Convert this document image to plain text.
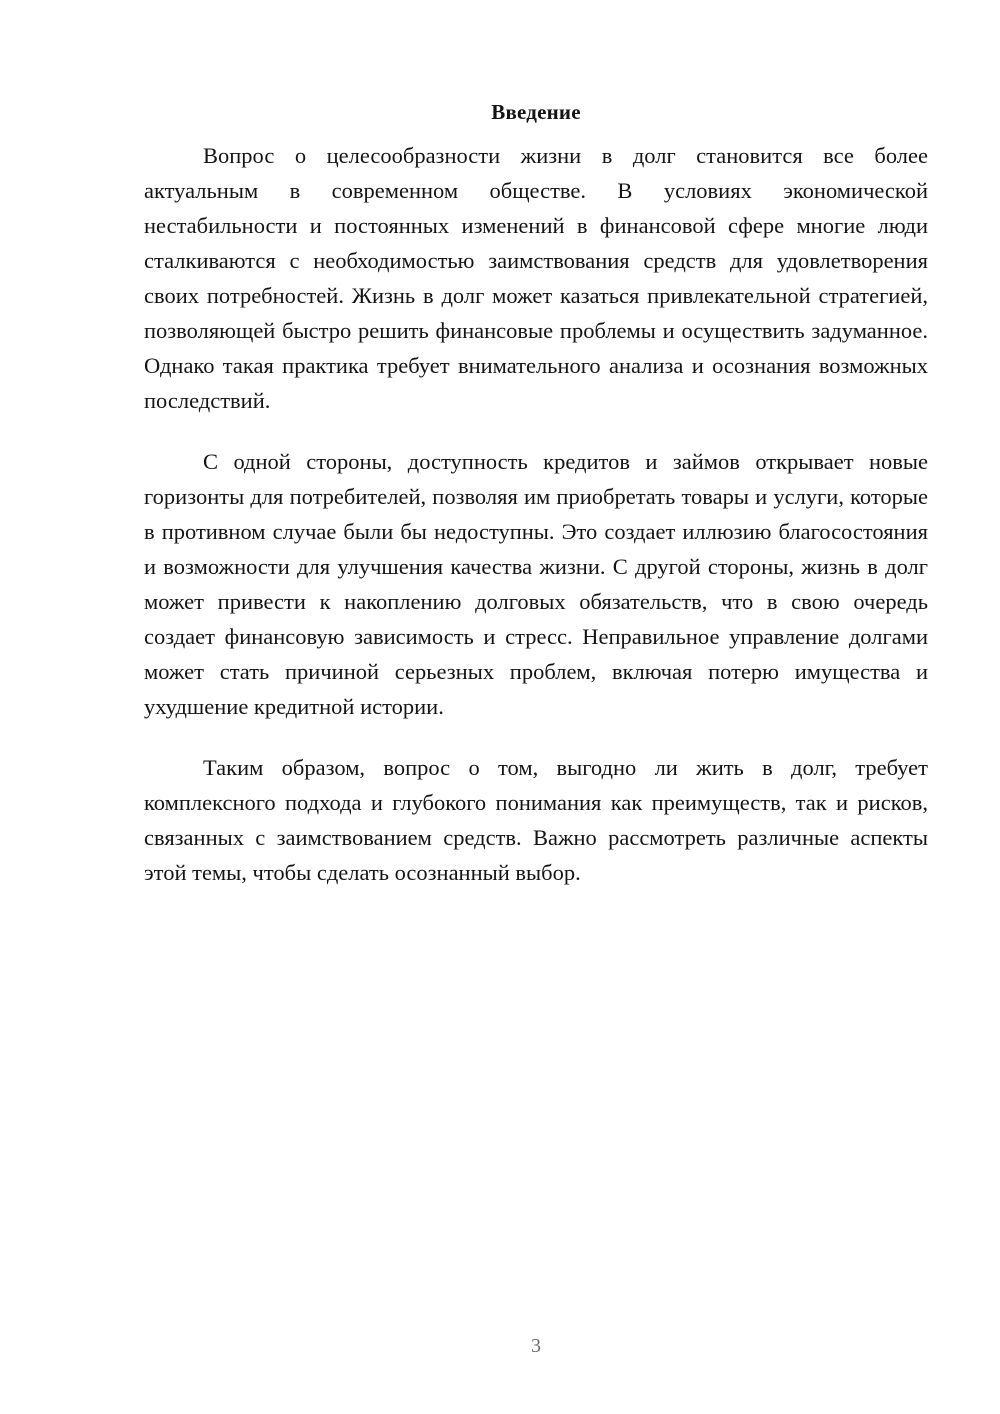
Введение

Вопрос о целесообразности жизни в долг становится все более актуальным в современном обществе. В условиях экономической нестабильности и постоянных изменений в финансовой сфере многие люди сталкиваются с необходимостью заимствования средств для удовлетворения своих потребностей. Жизнь в долг может казаться привлекательной стратегией, позволяющей быстро решить финансовые проблемы и осуществить задуманное. Однако такая практика требует внимательного анализа и осознания возможных последствий.

С одной стороны, доступность кредитов и займов открывает новые горизонты для потребителей, позволяя им приобретать товары и услуги, которые в противном случае были бы недоступны. Это создает иллюзию благосостояния и возможности для улучшения качества жизни. С другой стороны, жизнь в долг может привести к накоплению долговых обязательств, что в свою очередь создает финансовую зависимость и стресс. Неправильное управление долгами может стать причиной серьезных проблем, включая потерю имущества и ухудшение кредитной истории.

Таким образом, вопрос о том, выгодно ли жить в долг, требует комплексного подхода и глубокого понимания как преимуществ, так и рисков, связанных с заимствованием средств. Важно рассмотреть различные аспекты этой темы, чтобы сделать осознанный выбор.

3
